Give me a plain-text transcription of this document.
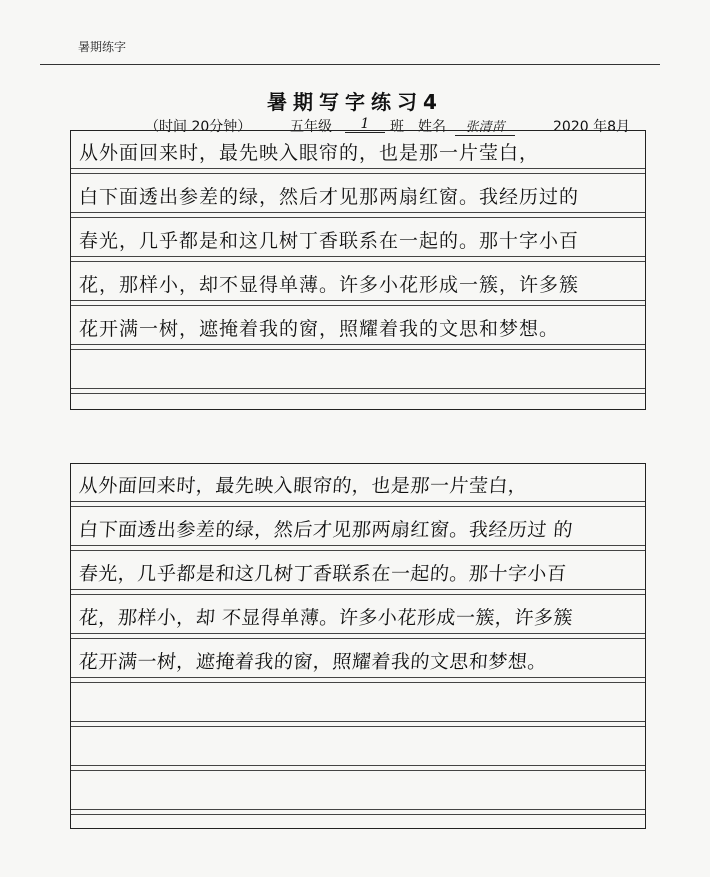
暑期练字
暑期写字练习4
（时间 20分钟）	五年级	1	班 姓名	张清苗	2020 年8月
从外面回来时，最先映入眼帘的，也是那一片莹白，
白下面透出参差的绿，然后才见那两扇红窗。我经历过的
春光，几乎都是和这几树丁香联系在一起的。那十字小百
花，那样小，却不显得单薄。许多小花形成一簇，许多簇
花开满一树，遮掩着我的窗，照耀着我的文思和梦想。
从外面回来时，最先映入眼帘的，也是那一片莹白，
白下面透出参差的绿，然后才见那两扇红窗。我经历过 的
春光，几乎都是和这几树丁香联系在一起的。那十字小百
花，那样小，却 不显得单薄。许多小花形成一簇，许多簇
花开满一树，遮掩着我的窗，照耀着我的文思和梦想。
